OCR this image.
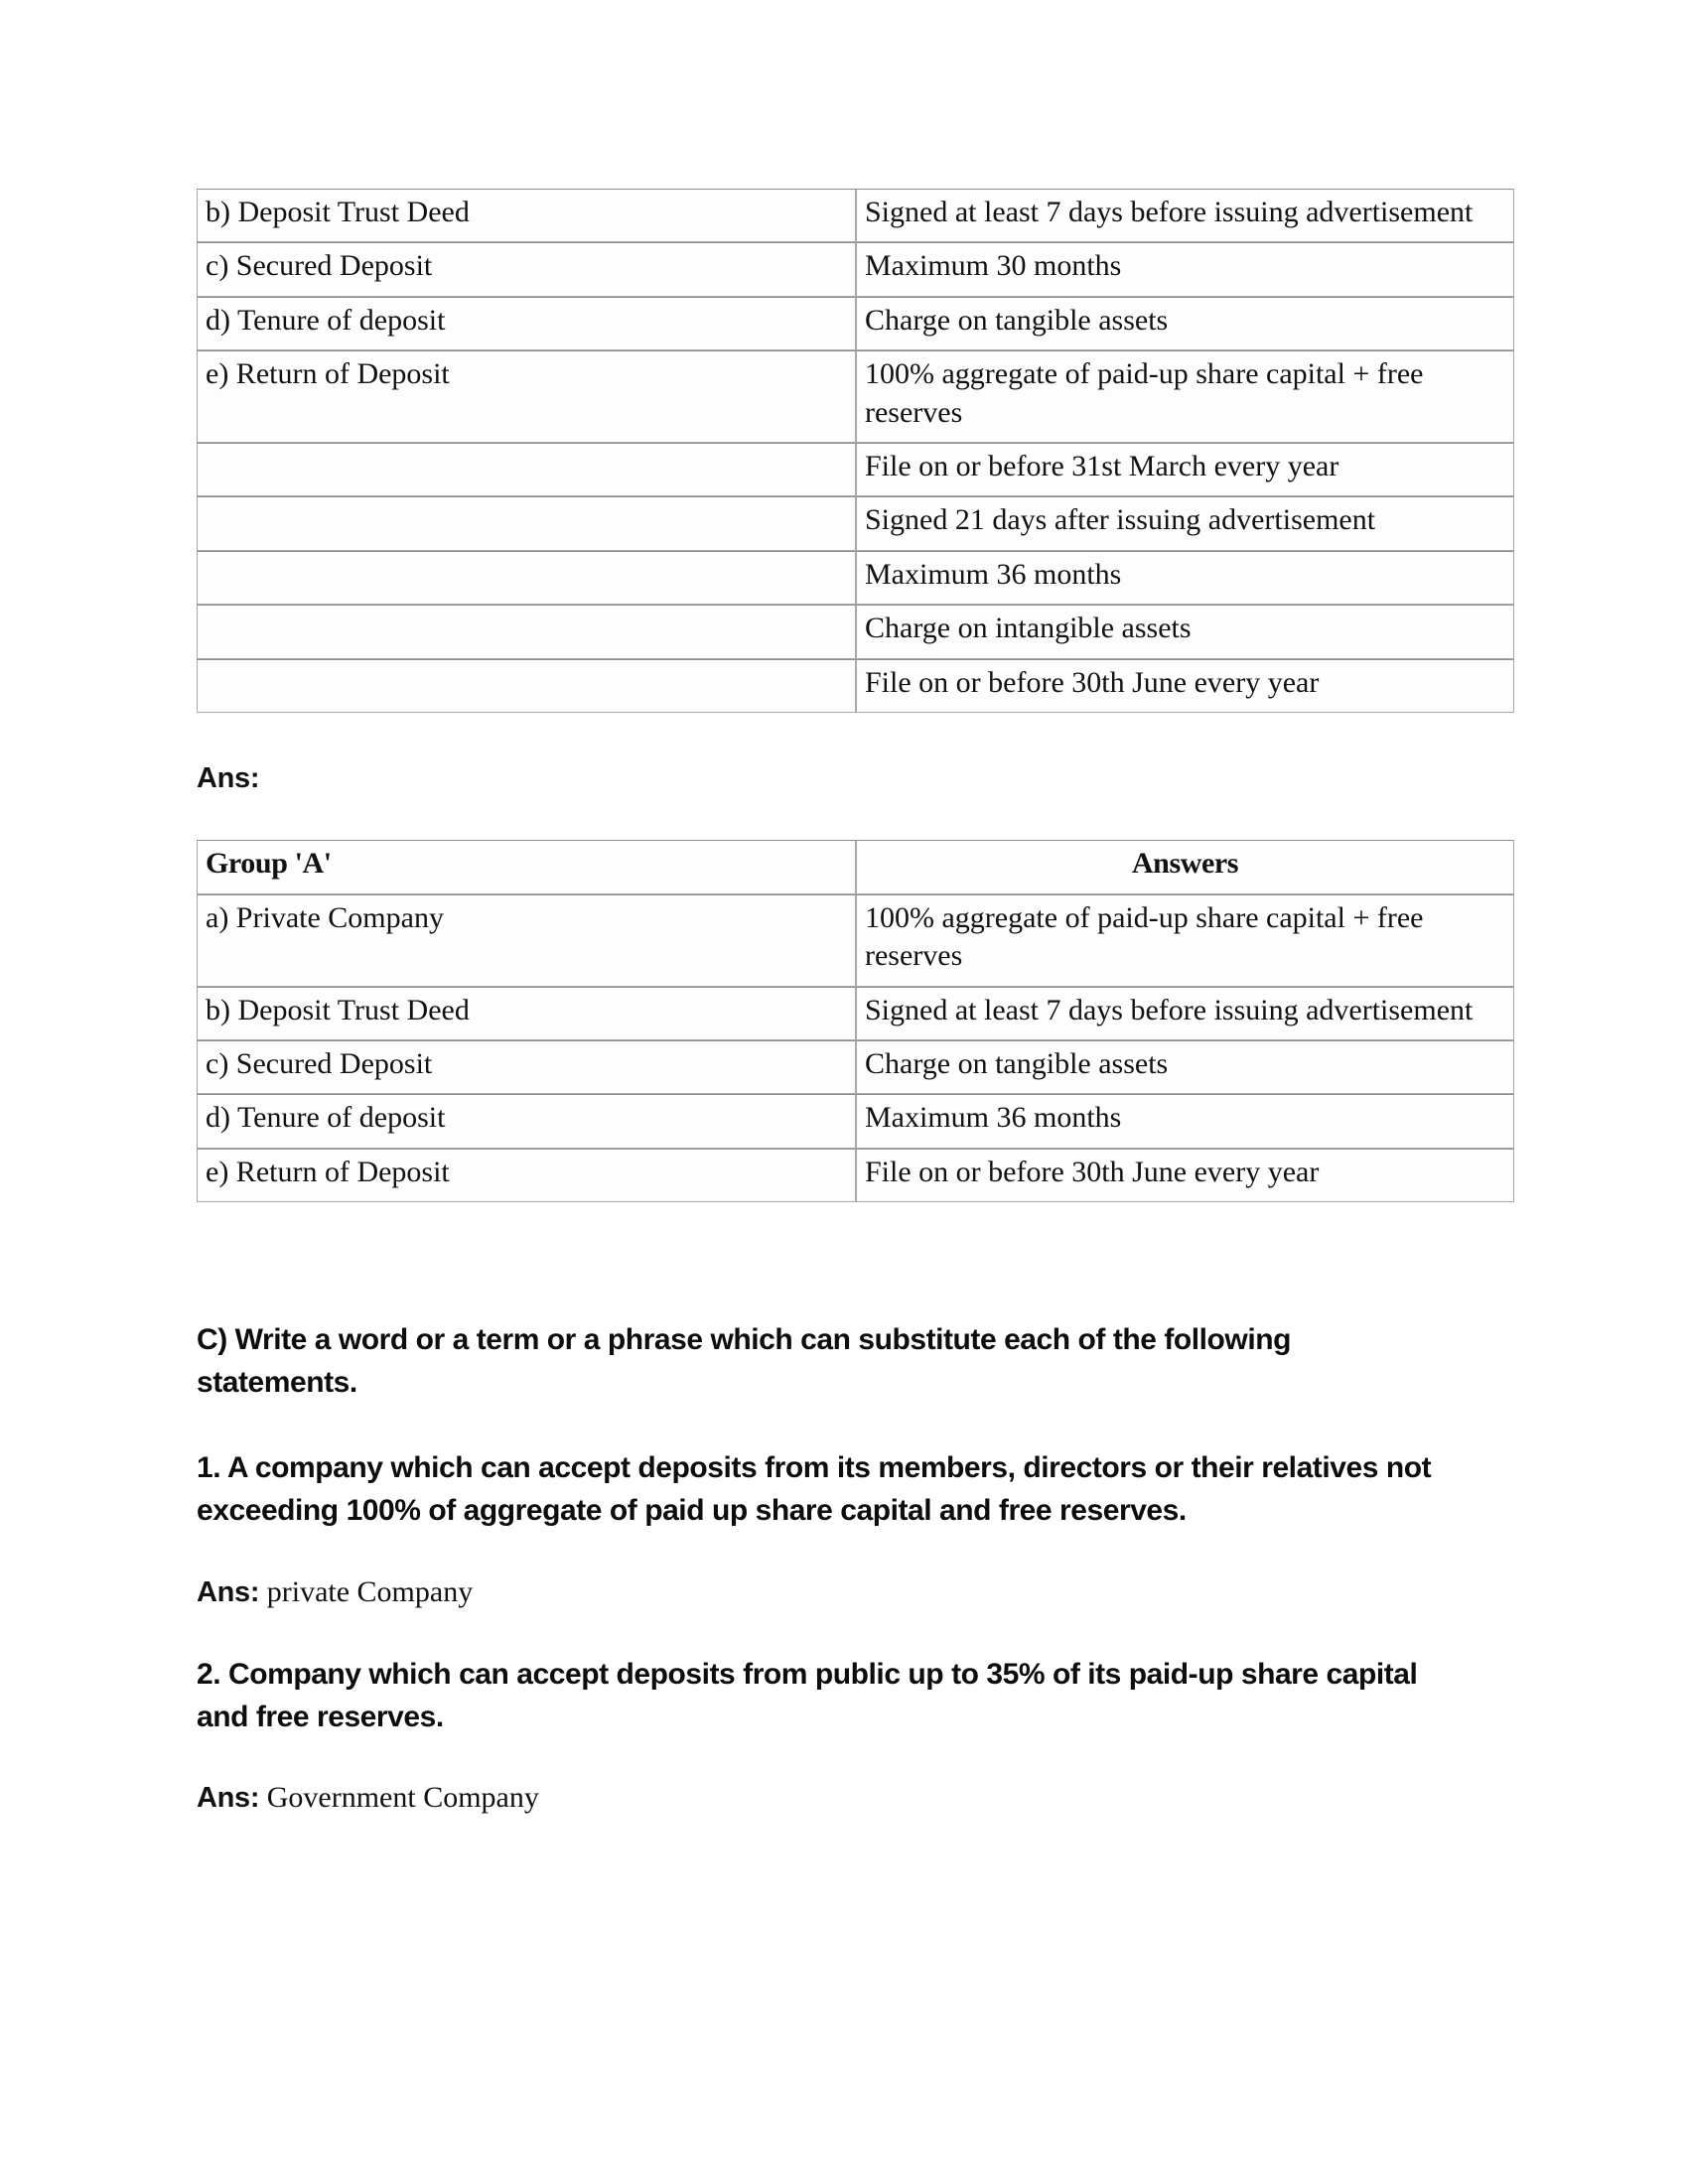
b) Deposit Trust Deed	Signed at least 7 days before issuing advertisement
c) Secured Deposit	Maximum 30 months
d) Tenure of deposit	Charge on tangible assets
e) Return of Deposit	100% aggregate of paid-up share capital + free reserves
	File on or before 31st March every year
	Signed 21 days after issuing advertisement
	Maximum 36 months
	Charge on intangible assets
	File on or before 30th June every year

Ans:

Group 'A'	Answers
a) Private Company	100% aggregate of paid-up share capital + free reserves
b) Deposit Trust Deed	Signed at least 7 days before issuing advertisement
c) Secured Deposit	Charge on tangible assets
d) Tenure of deposit	Maximum 36 months
e) Return of Deposit	File on or before 30th June every year

C) Write a word or a term or a phrase which can substitute each of the following statements.

1. A company which can accept deposits from its members, directors or their relatives not exceeding 100% of aggregate of paid up share capital and free reserves.

Ans: private Company

2. Company which can accept deposits from public up to 35% of its paid-up share capital and free reserves.

Ans: Government Company
